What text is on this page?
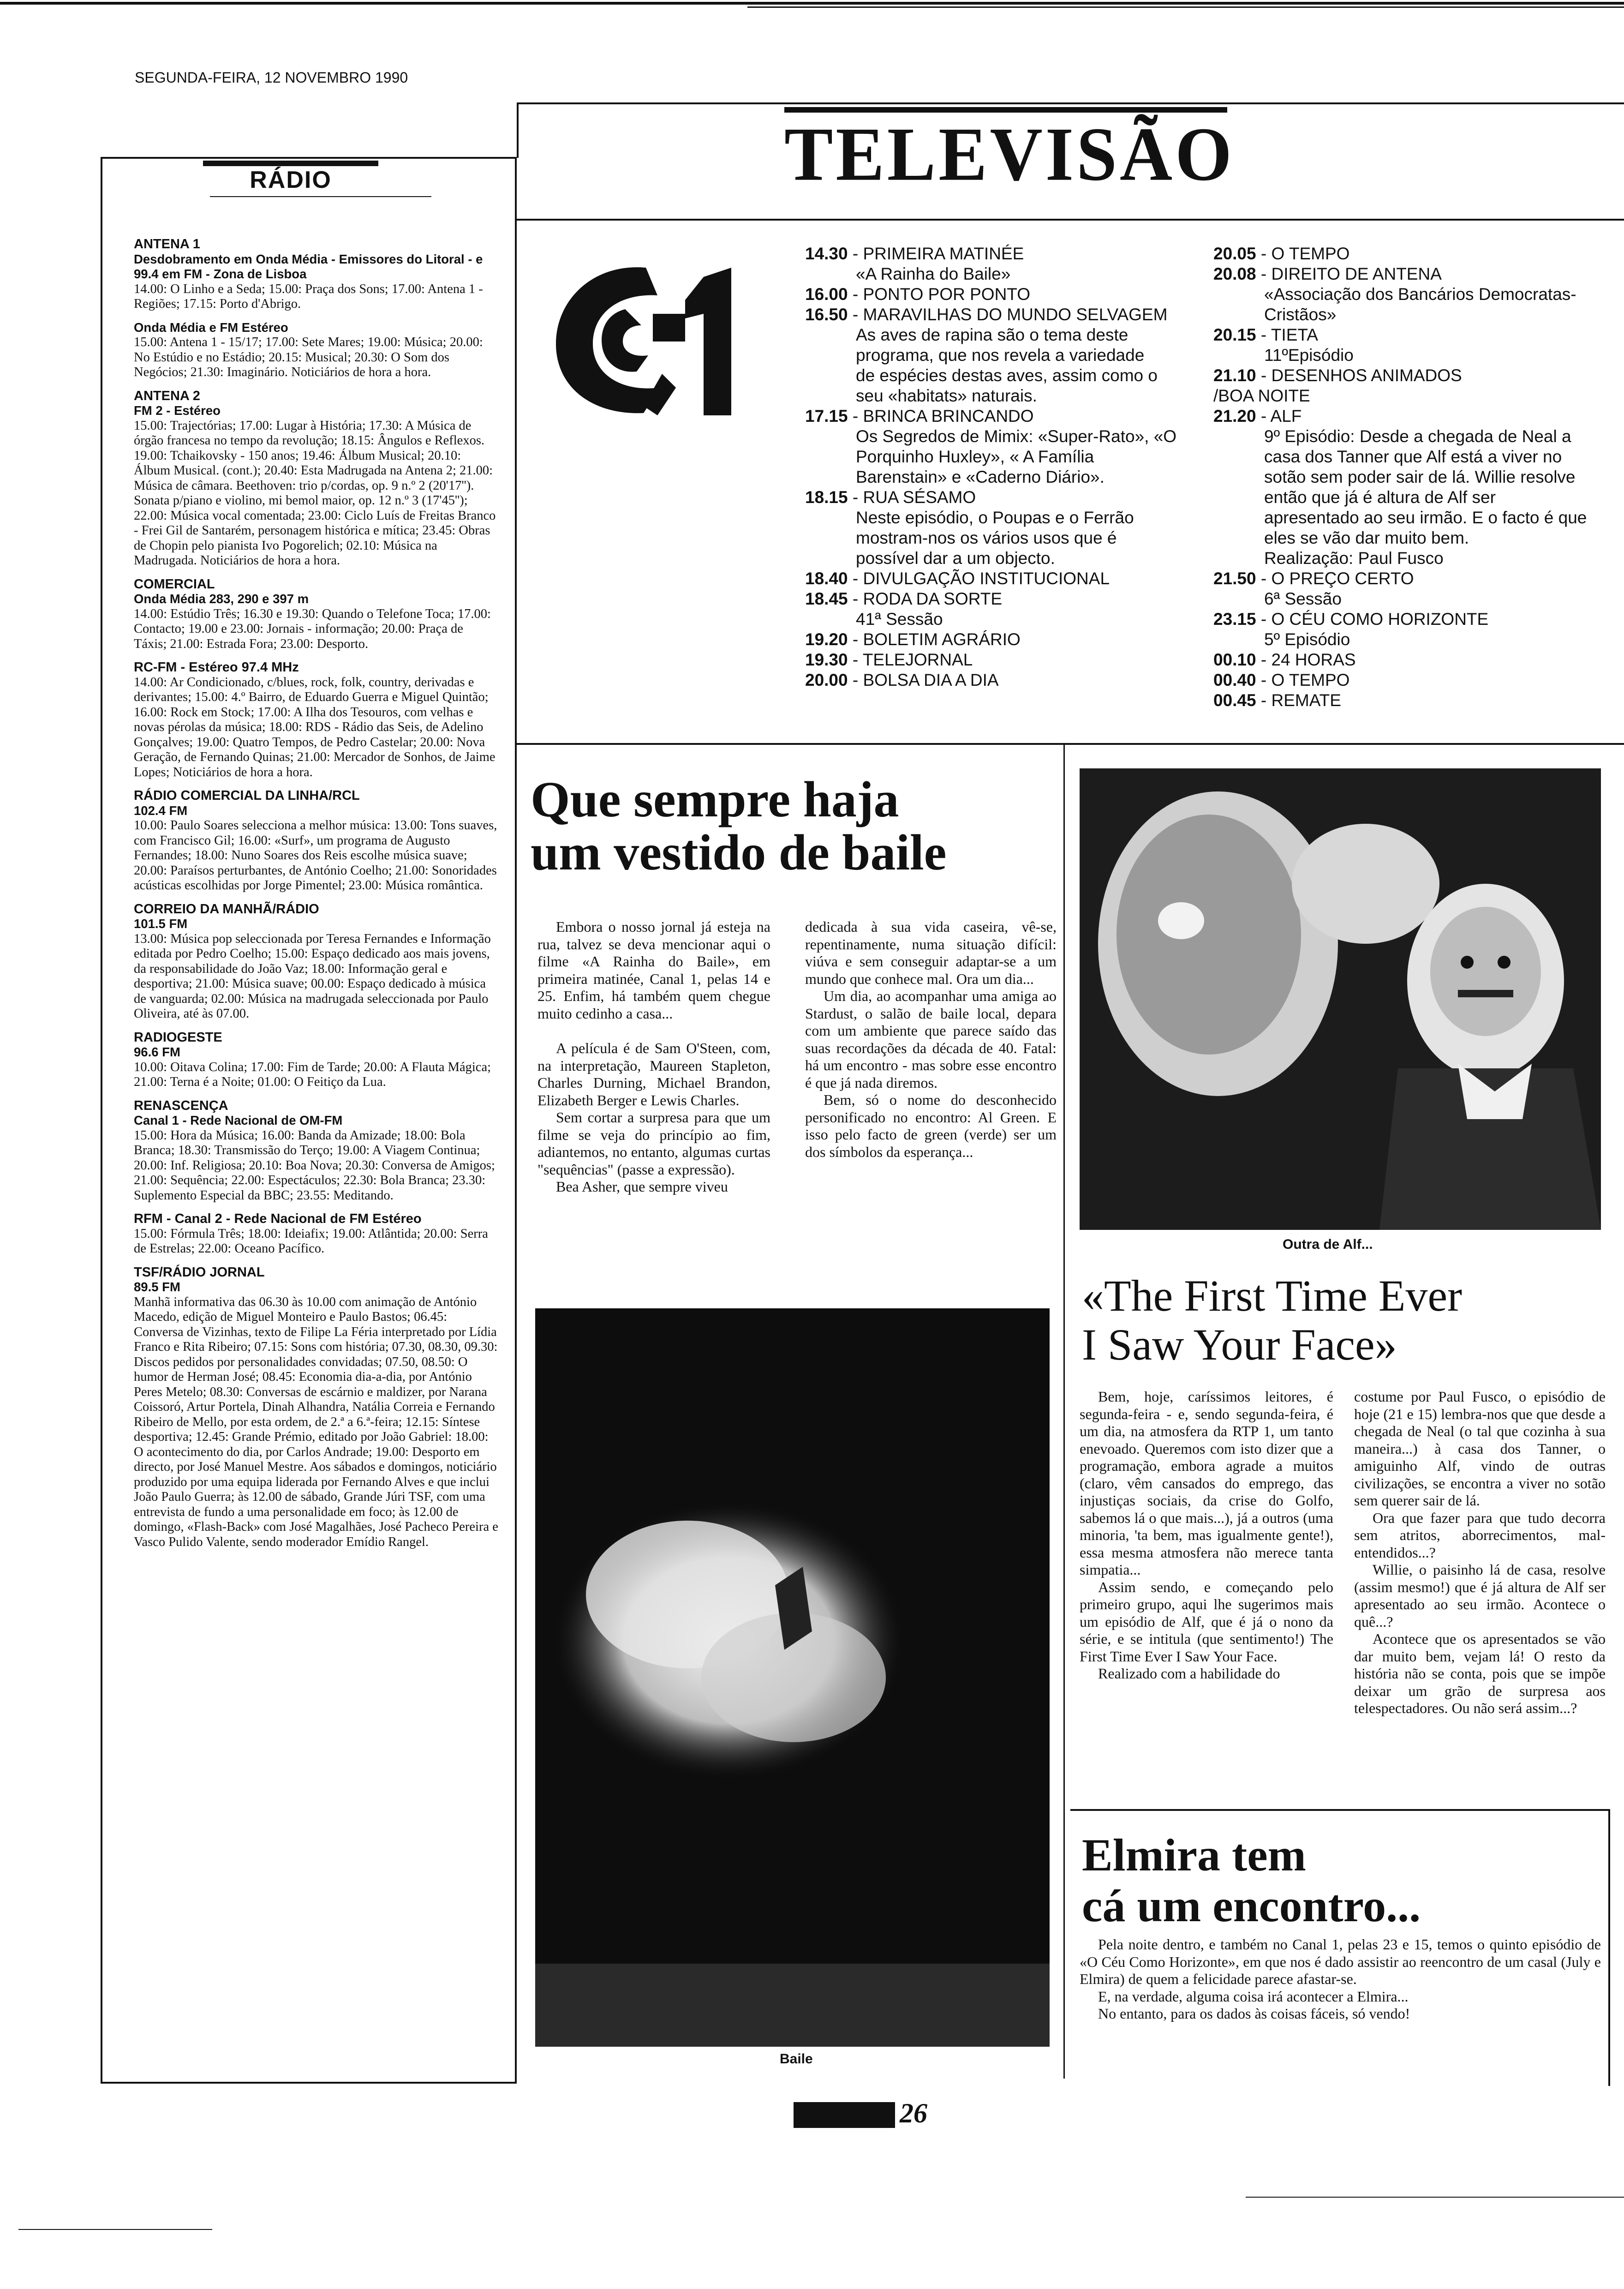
SEGUNDA-FEIRA, 12 NOVEMBRO 1990
TELEVISÃO
RÁDIO
ANTENA 1
Desdobramento em Onda Média - Emissores do Litoral - e 99.4 em FM - Zona de Lisboa

14.00: O Linho e a Seda; 15.00: Praça dos Sons; 17.00: Antena 1 - Regiões; 17.15: Porto d'Abrigo.

Onda Média e FM Estéreo

15.00: Antena 1 - 15/17; 17.00: Sete Mares; 19.00: Música; 20.00: No Estúdio e no Estádio; 20.15: Musical; 20.30: O Som dos Negócios; 21.30: Imaginário. Noticiários de hora a hora.

ANTENA 2
FM 2 - Estéreo

15.00: Trajectórias; 17.00: Lugar à História; 17.30: A Música de órgão francesa no tempo da revolução; 18.15: Ângulos e Reflexos. 19.00: Tchaikovsky - 150 anos; 19.46: Álbum Musical; 20.10: Álbum Musical. (cont.); 20.40: Esta Madrugada na Antena 2; 21.00: Música de câmara. Beethoven: trio p/cordas, op. 9 n.º 2 (20'17''). Sonata p/piano e violino, mi bemol maior, op. 12 n.º 3 (17'45''); 22.00: Música vocal comentada; 23.00: Ciclo Luís de Freitas Branco - Frei Gil de Santarém, personagem histórica e mítica; 23.45: Obras de Chopin pelo pianista Ivo Pogorelich; 02.10: Música na Madrugada. Noticiários de hora a hora.

COMERCIAL
Onda Média 283, 290 e 397 m

14.00: Estúdio Três; 16.30 e 19.30: Quando o Telefone Toca; 17.00: Contacto; 19.00 e 23.00: Jornais - informação; 20.00: Praça de Táxis; 21.00: Estrada Fora; 23.00: Desporto.

RC-FM - Estéreo 97.4 MHz

14.00: Ar Condicionado, c/blues, rock, folk, country, derivadas e derivantes; 15.00: 4.º Bairro, de Eduardo Guerra e Miguel Quintão; 16.00: Rock em Stock; 17.00: A Ilha dos Tesouros, com velhas e novas pérolas da música; 18.00: RDS - Rádio das Seis, de Adelino Gonçalves; 19.00: Quatro Tempos, de Pedro Castelar; 20.00: Nova Geração, de Fernando Quinas; 21.00: Mercador de Sonhos, de Jaime Lopes; Noticiários de hora a hora.

RÁDIO COMERCIAL DA LINHA/RCL
102.4 FM

10.00: Paulo Soares selecciona a melhor música: 13.00: Tons suaves, com Francisco Gil; 16.00: «Surf», um programa de Augusto Fernandes; 18.00: Nuno Soares dos Reis escolhe música suave; 20.00: Paraísos perturbantes, de António Coelho; 21.00: Sonoridades acústicas escolhidas por Jorge Pimentel; 23.00: Música romântica.

CORREIO DA MANHÃ/RÁDIO
101.5 FM

13.00: Música pop seleccionada por Teresa Fernandes e Informação editada por Pedro Coelho; 15.00: Espaço dedicado aos mais jovens, da responsabilidade do João Vaz; 18.00: Informação geral e desportiva; 21.00: Música suave; 00.00: Espaço dedicado à música de vanguarda; 02.00: Música na madrugada seleccionada por Paulo Oliveira, até às 07.00.

RADIOGESTE
96.6 FM

10.00: Oitava Colina; 17.00: Fim de Tarde; 20.00: A Flauta Mágica; 21.00: Terna é a Noite; 01.00: O Feitiço da Lua.

RENASCENÇA
Canal 1 - Rede Nacional de OM-FM

15.00: Hora da Música; 16.00: Banda da Amizade; 18.00: Bola Branca; 18.30: Transmissão do Terço; 19.00: A Viagem Continua; 20.00: Inf. Religiosa; 20.10: Boa Nova; 20.30: Conversa de Amigos; 21.00: Sequência; 22.00: Espectáculos; 22.30: Bola Branca; 23.30: Suplemento Especial da BBC; 23.55: Meditando.

RFM - Canal 2 - Rede Nacional de FM Estéreo

15.00: Fórmula Três; 18.00: Ideiafix; 19.00: Atlântida; 20.00: Serra de Estrelas; 22.00: Oceano Pacífico.

TSF/RÁDIO JORNAL
89.5 FM

Manhã informativa das 06.30 às 10.00 com animação de António Macedo, edição de Miguel Monteiro e Paulo Bastos; 06.45: Conversa de Vizinhas, texto de Filipe La Féria interpretado por Lídia Franco e Rita Ribeiro; 07.15: Sons com história; 07.30, 08.30, 09.30: Discos pedidos por personalidades convidadas; 07.50, 08.50: O humor de Herman José; 08.45: Economia dia-a-dia, por António Peres Metelo; 08.30: Conversas de escárnio e maldizer, por Narana Coissoró, Artur Portela, Dinah Alhandra, Natália Correia e Fernando Ribeiro de Mello, por esta ordem, de 2.ª a 6.ª-feira; 12.15: Síntese desportiva; 12.45: Grande Prémio, editado por João Gabriel: 18.00: O acontecimento do dia, por Carlos Andrade; 19.00: Desporto em directo, por José Manuel Mestre. Aos sábados e domingos, noticiário produzido por uma equipa liderada por Fernando Alves e que inclui João Paulo Guerra; às 12.00 de sábado, Grande Júri TSF, com uma entrevista de fundo a uma personalidade em foco; às 12.00 de domingo, «Flash-Back» com José Magalhães, José Pacheco Pereira e Vasco Pulido Valente, sendo moderador Emídio Rangel.

C1
14.30 - PRIMEIRA MATINÉE
«A Rainha do Baile»
16.00 - PONTO POR PONTO
16.50 - MARAVILHAS DO MUNDO SELVAGEM
As aves de rapina são o tema deste programa, que nos revela a variedade de espécies destas aves, assim como o seu «habitats» naturais.
17.15 - BRINCA BRINCANDO
Os Segredos de Mimix: «Super-Rato», «O Porquinho Huxley», « A Família Barenstain» e «Caderno Diário».
18.15 - RUA SÉSAMO
Neste episódio, o Poupas e o Ferrão mostram-nos os vários usos que é possível dar a um objecto.
18.40 - DIVULGAÇÃO INSTITUCIONAL
18.45 - RODA DA SORTE
41ª Sessão
19.20 - BOLETIM AGRÁRIO
19.30 - TELEJORNAL
20.00 - BOLSA DIA A DIA
20.05 - O TEMPO
20.08 - DIREITO DE ANTENA
«Associação dos Bancários Democratas-Cristãos»
20.15 - TIETA
11ºEpisódio
21.10 - DESENHOS ANIMADOS /BOA NOITE
21.20 - ALF
9º Episódio: Desde a chegada de Neal a casa dos Tanner que Alf está a viver no sotão sem poder sair de lá. Willie resolve então que já é altura de Alf ser apresentado ao seu irmão. E o facto é que eles se vão dar muito bem.
Realização: Paul Fusco
21.50 - O PREÇO CERTO
6ª Sessão
23.15 - O CÉU COMO HORIZONTE
5º Episódio
00.10 - 24 HORAS
00.40 - O TEMPO
00.45 - REMATE
Que sempre haja
um vestido de baile

Embora o nosso jornal já esteja na rua, talvez se deva mencionar aqui o filme «A Rainha do Baile», em primeira matinée, Canal 1, pelas 14 e 25. Enfim, há também quem chegue muito cedinho a casa...

A película é de Sam O'Steen, com, na interpretação, Maureen Stapleton, Charles Durning, Michael Brandon, Elizabeth Berger e Lewis Charles.

Sem cortar a surpresa para que um filme se veja do princípio ao fim, adiantemos, no entanto, algumas curtas "sequências" (passe a expressão).

Bea Asher, que sempre viveu

dedicada à sua vida caseira, vê-se, repentinamente, numa situação difícil: viúva e sem conseguir adaptar-se a um mundo que conhece mal. Ora um dia...

Um dia, ao acompanhar uma amiga ao Stardust, o salão de baile local, depara com um ambiente que parece saído das suas recordações da década de 40. Fatal: há um encontro - mas sobre esse encontro é que já nada diremos.

Bem, só o nome do desconhecido personificado no encontro: Al Green. E isso pelo facto de green (verde) ser um dos símbolos da esperança...

Baile
Outra de Alf...
«The First Time Ever
I Saw Your Face»

Bem, hoje, caríssimos leitores, é segunda-feira - e, sendo segunda-feira, é um dia, na atmosfera da RTP 1, um tanto enevoado. Queremos com isto dizer que a programação, embora agrade a muitos (claro, vêm cansados do emprego, das injustiças sociais, da crise do Golfo, sabemos lá o que mais...), já a outros (uma minoria, 'ta bem, mas igualmente gente!), essa mesma atmosfera não merece tanta simpatia...

Assim sendo, e começando pelo primeiro grupo, aqui lhe sugerimos mais um episódio de Alf, que é já o nono da série, e se intitula (que sentimento!) The First Time Ever I Saw Your Face.

Realizado com a habilidade do

costume por Paul Fusco, o episódio de hoje (21 e 15) lembra-nos que que desde a chegada de Neal (o tal que cozinha à sua maneira...) à casa dos Tanner, o amiguinho Alf, vindo de outras civilizações, se encontra a viver no sotão sem querer sair de lá.

Ora que fazer para que tudo decorra sem atritos, aborrecimentos, mal-entendidos...?

Willie, o paisinho lá de casa, resolve (assim mesmo!) que é já altura de Alf ser apresentado ao seu irmão. Acontece o quê...?

Acontece que os apresentados se vão dar muito bem, vejam lá! O resto da história não se conta, pois que se impõe deixar um grão de surpresa aos telespectadores. Ou não será assim...?

Elmira tem
cá um encontro...

Pela noite dentro, e também no Canal 1, pelas 23 e 15, temos o quinto episódio de «O Céu Como Horizonte», em que nos é dado assistir ao reencontro de um casal (July e Elmira) de quem a felicidade parece afastar-se.

E, na verdade, alguma coisa irá acontecer a Elmira...

No entanto, para os dados às coisas fáceis, só vendo!

26
